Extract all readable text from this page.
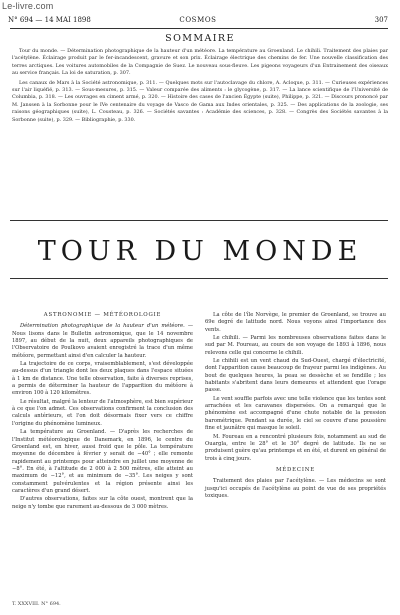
Le-livre.com
N° 694 — 14 MAI 1898	COSMOS	307
SOMMAIRE

Tour du monde. — Détermination photographique de la hauteur d'un météore. La température au Groenland. Le chihili. Traitement des plaies par l'acétylène. Éclairage produit par le fer-incandescent, gravure et son prix. Éclairage électrique des chemins de fer. Une nouvelle classification des terres arctiques. Les voitures automobiles de la Compagnie de Suez. Le nouveau sous-fleuve. Les pigeons voyageurs d'un Entrainement des oiseaux au service français. La loi de saturation, p. 307.

Les canaux de Mars à la Société astronomique, p. 311. — Quelques mots sur l'autoclavage du chlore, A. Acloque, p. 311. — Curieuses expériences sur l'air liquéfié, p. 313. — Sous-mesures, p. 315. — Valeur comparée des aliments : le glycogène, p. 317. — La lance scientifique de l'Université de Columbia, p. 318. — Les ouvrages en ciment armé, p. 320. — Histoire des cases de l'ancien Égypte (suite), Philippe, p. 321. — Discours prononcé par M. Janssen à la Sorbonne pour le IVe centenaire du voyage de Vasco de Gama aux Indes orientales, p. 325. — Des applications de la zoologie, ses raisons géographiques (suite), L. Cousteau, p. 326. — Sociétés savantes : Académie des sciences, p. 328. — Congrès des Sociétés savantes à la Sorbonne (suite), p. 329. — Bibliographie, p. 330.

TOUR DU MONDE

ASTRONOMIE — MÉTÉOROLOGIE

Détermination photographique de la hauteur d'un météore. — Nous lisons dans le Bulletin astronomique, que le 14 novembre 1897, au début de la nuit, deux appareils photographiques de l'Observatoire de Poulkovo avaient enregistré la trace d'un même météore, permettant ainsi d'en calculer la hauteur.

La trajectoire de ce corps, vraisemblablement, s'est développée au-dessus d'un triangle dont les deux plaques dans l'espace situées à 1 km de distance. Une telle observation, faite à diverses reprises, a permis de déterminer la hauteur de l'apparition du météore à environ 100 à 120 kilomètres.

Le résultat, malgré la lenteur de l'atmosphère, est bien supérieur à ce que l'on admet. Ces observations confirment la conclusion des calculs antérieurs, et l'on doit désormais fixer vers ce chiffre l'origine du phénomène lumineux.

La température au Groenland. — D'après les recherches de l'Institut météorologique de Danemark, en 1896, le centre du Groenland est, en hiver, aussi froid que le pôle. La température moyenne de décembre à février y serait de −40° ; elle remonte rapidement au printemps pour atteindre en juillet une moyenne de −8°. En été, à l'altitude de 2 000 à 2 500 mètres, elle atteint au maximum de −12°, et au minimum de −35°. Les neiges y sont constamment pulvérulentes et la région présente ainsi les caractères d'un grand désert.

D'autres observations, faites sur la côte ouest, montrent que la neige n'y tombe que rarement au-dessous de 3 000 mètres.

La côte de l'île Norvège, le premier de Groenland, se trouve au 69e degré de latitude nord. Nous voyons ainsi l'importance des vents.

Le chihili. — Parmi les nombreuses observations faites dans le sud par M. Foureau, au cours de son voyage de 1893 à 1896, nous relevons celle qui concerne le chihili.

Le chihili est un vent chaud du Sud-Ouest, chargé d'électricité, dont l'apparition cause beaucoup de frayeur parmi les indigènes. Au bout de quelques heures, la peau se dessèche et se fendille ; les habitants s'abritent dans leurs demeures et attendent que l'orage passe.

Le vent souffle parfois avec une telle violence que les tentes sont arrachées et les caravanes dispersées. On a remarqué que le phénomène est accompagné d'une chute notable de la pression barométrique. Pendant sa durée, le ciel se couvre d'une poussière fine et jaunâtre qui masque le soleil.

M. Foureau en a rencontré plusieurs fois, notamment au sud de Ouargla, entre le 28° et le 30° degré de latitude. Ils ne se produisent guère qu'au printemps et en été, et durent en général de trois à cinq jours.

MÉDECINE

Traitement des plaies par l'acétylène. — Les médecins se sont jusqu'ici occupés de l'acétylène au point de vue de ses propriétés toxiques.

T. XXXVIII. N° 694.
